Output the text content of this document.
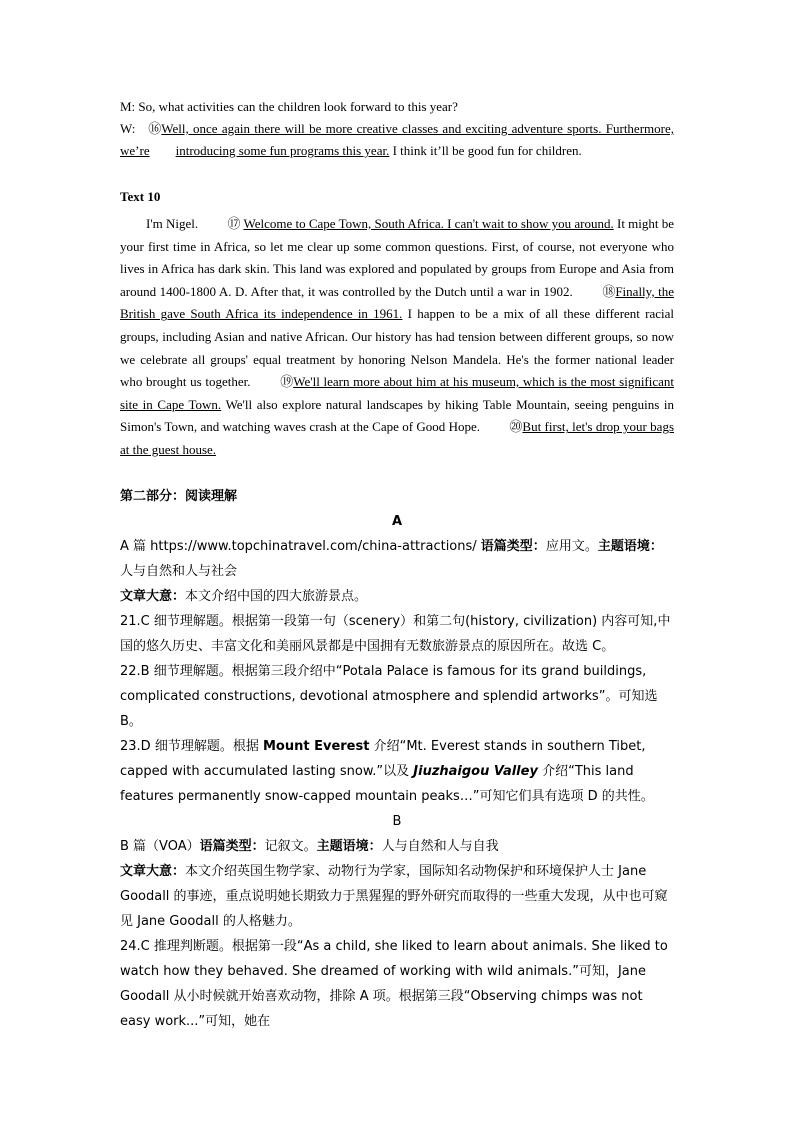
M: So, what activities can the children look forward to this year?

W: ⑯Well, once again there will be more creative classes and exciting adventure sports. Furthermore, we’re introducing some fun programs this year. I think it’ll be good fun for children.

Text 10

I'm Nigel. ⑰ Welcome to Cape Town, South Africa. I can't wait to show you around. It might be your first time in Africa, so let me clear up some common questions. First, of course, not everyone who lives in Africa has dark skin. This land was explored and populated by groups from Europe and Asia from around 1400-1800 A. D. After that, it was controlled by the Dutch until a war in 1902. ⑱Finally, the British gave South Africa its independence in 1961. I happen to be a mix of all these different racial groups, including Asian and native African. Our history has had tension between different groups, so now we celebrate all groups' equal treatment by honoring Nelson Mandela. He's the former national leader who brought us together. ⑲We'll learn more about him at his museum, which is the most significant site in Cape Town. We'll also explore natural landscapes by hiking Table Mountain, seeing penguins in Simon's Town, and watching waves crash at the Cape of Good Hope. ⑳But first, let's drop your bags at the guest house.

第二部分：阅读理解

A

A 篇 https://www.topchinatravel.com/china-attractions/ 语篇类型：应用文。主题语境：人与自然和人与社会

文章大意：本文介绍中国的四大旅游景点。

21.C 细节理解题。根据第一段第一句（scenery）和第二句(history, civilization) 内容可知,中国的悠久历史、丰富文化和美丽风景都是中国拥有无数旅游景点的原因所在。故选 C。

22.B 细节理解题。根据第三段介绍中“Potala Palace is famous for its grand buildings, complicated constructions, devotional atmosphere and splendid artworks”。可知选 B。

23.D 细节理解题。根据 Mount Everest 介绍“Mt. Everest stands in southern Tibet, capped with accumulated lasting snow.”以及 Jiuzhaigou Valley 介绍“This land features permanently snow-capped mountain peaks…”可知它们具有选项 D 的共性。

B

B 篇（VOA）语篇类型：记叙文。主题语境：人与自然和人与自我

文章大意：本文介绍英国生物学家、动物行为学家，国际知名动物保护和环境保护人士 Jane Goodall 的事迹，重点说明她长期致力于黑猩猩的野外研究而取得的一些重大发现，从中也可窥见 Jane Goodall 的人格魅力。

24.C 推理判断题。根据第一段“As a child, she liked to learn about animals. She liked to watch how they behaved. She dreamed of working with wild animals.”可知，Jane Goodall 从小时候就开始喜欢动物，排除 A 项。根据第三段“Observing chimps was not easy work...”可知，她在
